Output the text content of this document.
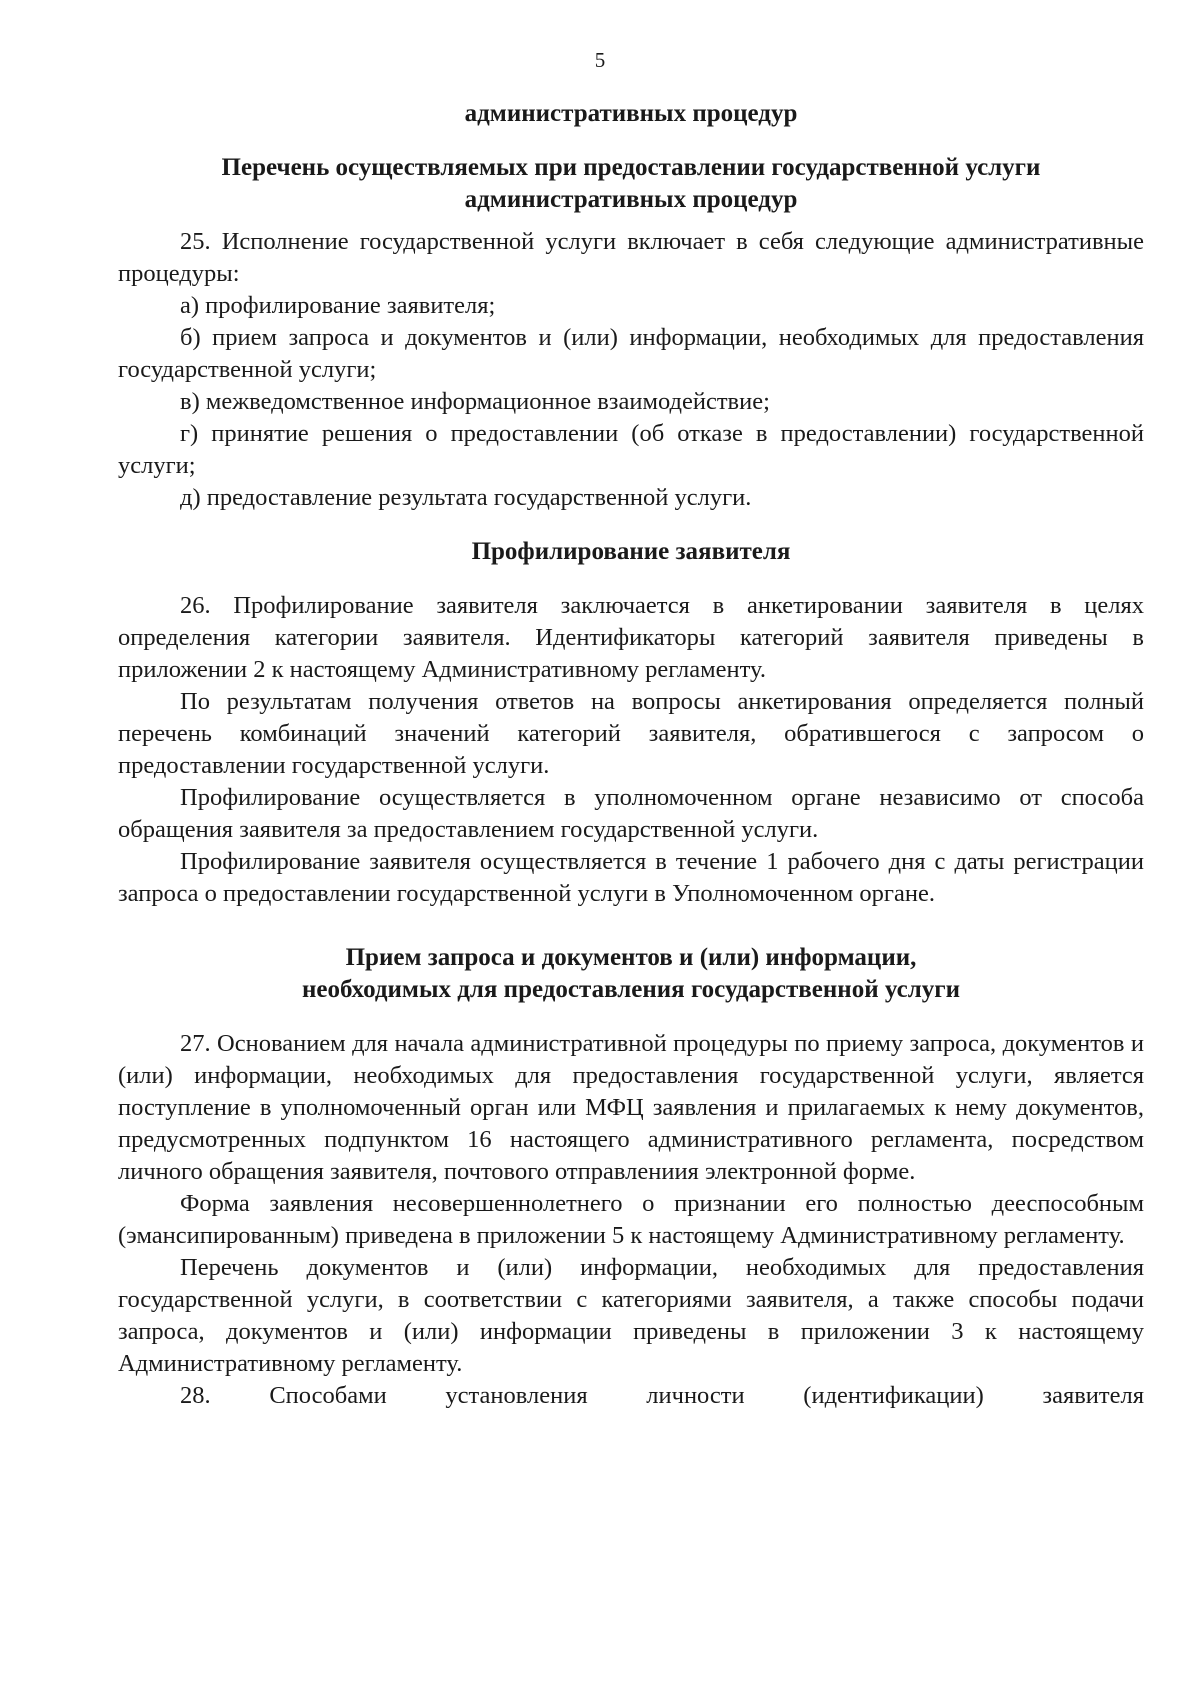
5
административных процедур
Перечень осуществляемых при предоставлении государственной услуги
административных процедур

25. Исполнение государственной услуги включает в себя следующие административные процедуры:

а) профилирование заявителя;

б) прием запроса и документов и (или) информации, необходимых для предоставления государственной услуги;

в) межведомственное информационное взаимодействие;

г) принятие решения о предоставлении (об отказе в предоставлении) государственной услуги;

д) предоставление результата государственной услуги.

Профилирование заявителя

26. Профилирование заявителя заключается в анкетировании заявителя в целях определения категории заявителя. Идентификаторы категорий заявителя приведены в приложении 2 к настоящему Административному регламенту.

По результатам получения ответов на вопросы анкетирования определяется полный перечень комбинаций значений категорий заявителя, обратившегося с запросом о предоставлении государственной услуги.

Профилирование осуществляется в уполномоченном органе независимо от способа обращения заявителя за предоставлением государственной услуги.

Профилирование заявителя осуществляется в течение 1 рабочего дня с даты регистрации запроса о предоставлении государственной услуги в Уполномоченном органе.

Прием запроса и документов и (или) информации,
необходимых для предоставления государственной услуги

27. Основанием для начала административной процедуры по приему запроса, документов и (или) информации, необходимых для предоставления государственной услуги, является поступление в уполномоченный орган или МФЦ заявления и прилагаемых к нему документов, предусмотренных подпунктом 16 настоящего административного регламента, посредством личного обращения заявителя, почтового отправлениия электронной форме.

Форма заявления несовершеннолетнего о признании его полностью дееспособным (эмансипированным) приведена в приложении 5 к настоящему Административному регламенту.

Перечень документов и (или) информации, необходимых для предоставления государственной услуги, в соответствии с категориями заявителя, а также способы подачи запроса, документов и (или) информации приведены в приложении 3 к настоящему Административному регламенту.

28. Способами установления личности (идентификации) заявителя
